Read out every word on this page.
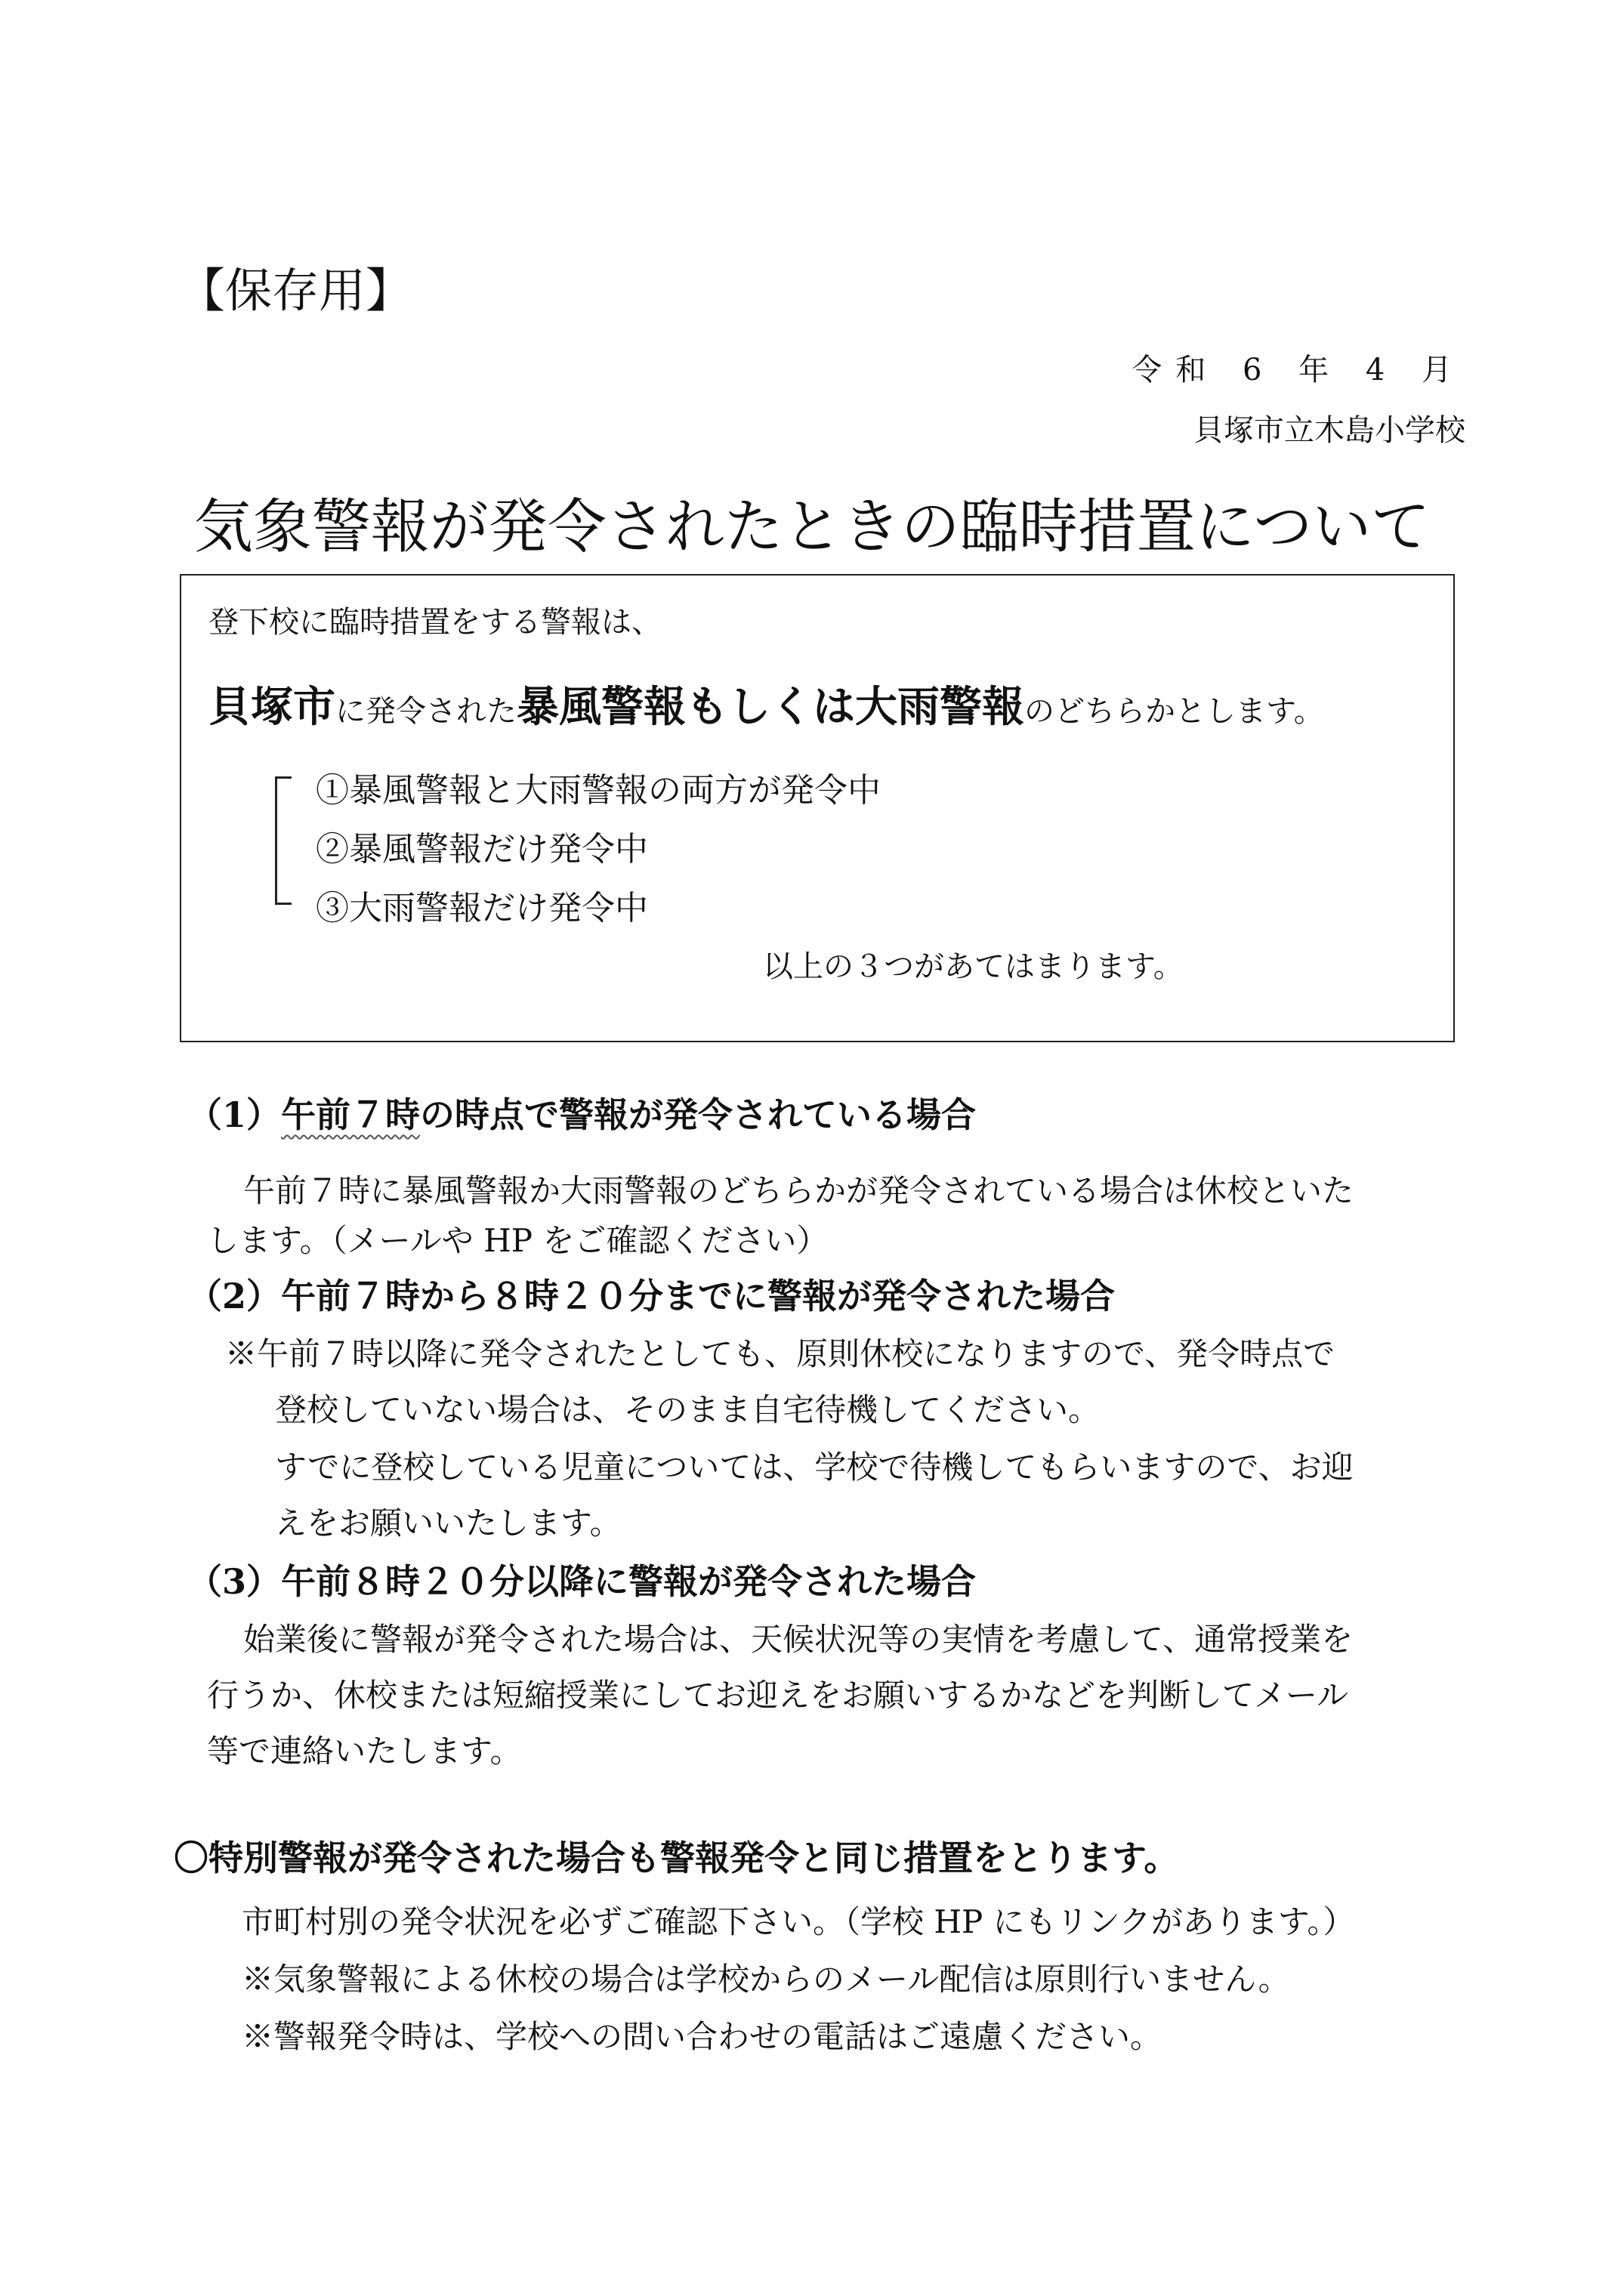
【保存用】
令和 6 年 4 月
貝塚市立木島小学校
気象警報が発令されたときの臨時措置について
登下校に臨時措置をする警報は、
貝塚市に発令された暴風警報もしくは大雨警報のどちらかとします。
①暴風警報と大雨警報の両方が発令中
②暴風警報だけ発令中
③大雨警報だけ発令中
以上の３つがあてはまります。
（1）午前７時の時点で警報が発令されている場合
午前７時に暴風警報か大雨警報のどちらかが発令されている場合は休校といた
します。（メールや HP をご確認ください）
（2）午前７時から８時２０分までに警報が発令された場合
※午前７時以降に発令されたとしても、原則休校になりますので、発令時点で
登校していない場合は、そのまま自宅待機してください。
すでに登校している児童については、学校で待機してもらいますので、お迎
えをお願いいたします。
（3）午前８時２０分以降に警報が発令された場合
始業後に警報が発令された場合は、天候状況等の実情を考慮して、通常授業を
行うか、休校または短縮授業にしてお迎えをお願いするかなどを判断してメール
等で連絡いたします。
〇特別警報が発令された場合も警報発令と同じ措置をとります。
市町村別の発令状況を必ずご確認下さい。（学校 HP にもリンクがあります。）
※気象警報による休校の場合は学校からのメール配信は原則行いません。
※警報発令時は、学校への問い合わせの電話はご遠慮ください。
